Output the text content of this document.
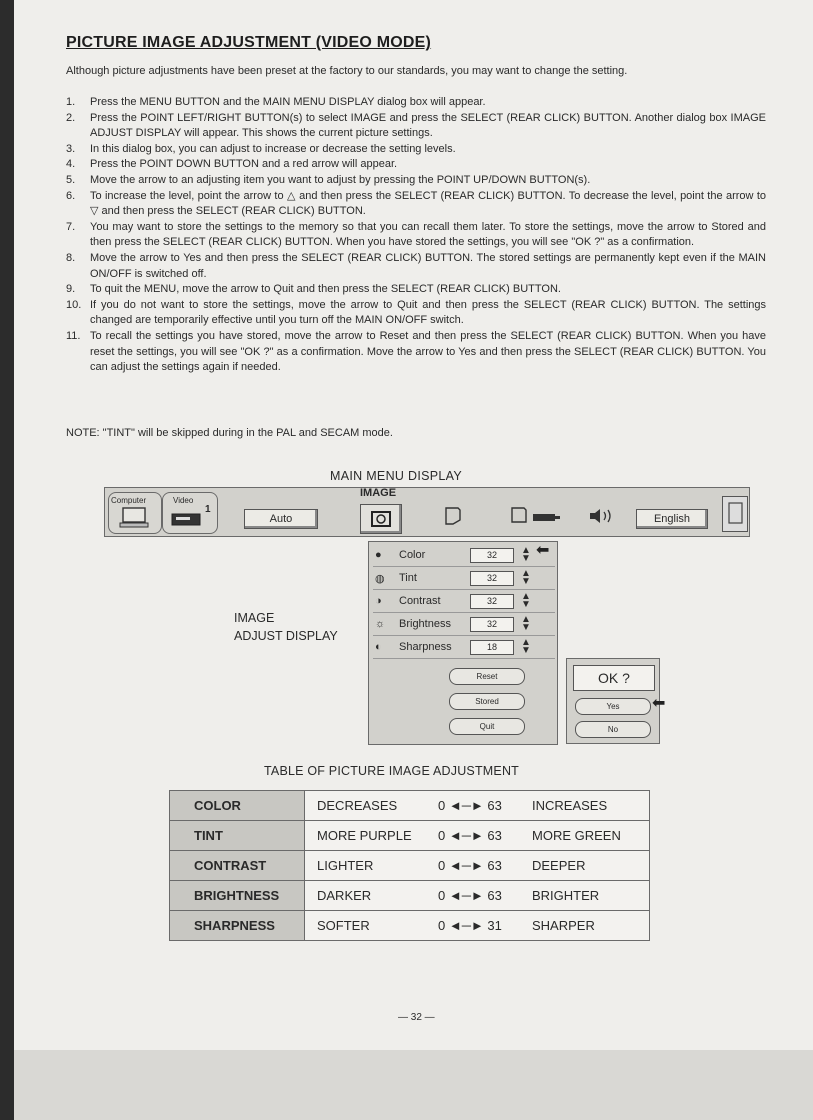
PICTURE IMAGE ADJUSTMENT (VIDEO MODE)
Although picture adjustments have been preset at the factory to our standards, you may want to change the setting.
1. Press the MENU BUTTON and the MAIN MENU DISPLAY dialog box will appear.
2. Press the POINT LEFT/RIGHT BUTTON(s) to select IMAGE and press the SELECT (REAR CLICK) BUTTON. Another dialog box IMAGE ADJUST DISPLAY will appear. This shows the current picture settings.
3. In this dialog box, you can adjust to increase or decrease the setting levels.
4. Press the POINT DOWN BUTTON and a red arrow will appear.
5. Move the arrow to an adjusting item you want to adjust by pressing the POINT UP/DOWN BUTTON(s).
6. To increase the level, point the arrow to △ and then press the SELECT (REAR CLICK) BUTTON. To decrease the level, point the arrow to ▽ and then press the SELECT (REAR CLICK) BUTTON.
7. You may want to store the settings to the memory so that you can recall them later. To store the settings, move the arrow to Stored and then press the SELECT (REAR CLICK) BUTTON. When you have stored the settings, you will see "OK ?" as a confirmation.
8. Move the arrow to Yes and then press the SELECT (REAR CLICK) BUTTON. The stored settings are permanently kept even if the MAIN ON/OFF is switched off.
9. To quit the MENU, move the arrow to Quit and then press the SELECT (REAR CLICK) BUTTON.
10. If you do not want to store the settings, move the arrow to Quit and then press the SELECT (REAR CLICK) BUTTON. The settings changed are temporarily effective until you turn off the MAIN ON/OFF switch.
11. To recall the settings you have stored, move the arrow to Reset and then press the SELECT (REAR CLICK) BUTTON. When you have reset the settings, you will see "OK ?" as a confirmation. Move the arrow to Yes and then press the SELECT (REAR CLICK) BUTTON. You can adjust the settings again if needed.
NOTE: "TINT" will be skipped during in the PAL and SECAM mode.
MAIN MENU DISPLAY
IMAGE
Computer	Video
1
Auto	English
IMAGE
ADJUST DISPLAY
● Color	32	▲
▼
◍ Tint	32	▲
▼
◑ Contrast	32	▲
▼
☼ Brightness	32	▲
▼
◐ Sharpness	18	▲
▼
Reset
Stored
Quit
⬅
OK ?
Yes
No
⬅
TABLE OF PICTURE IMAGE ADJUSTMENT
COLOR	DECREASES 0 ◄─► 63 INCREASES

TINT	MORE PURPLE 0 ◄─► 63 MORE GREEN

CONTRAST	LIGHTER 0 ◄─► 63 DEEPER

BRIGHTNESS	DARKER 0 ◄─► 63 BRIGHTER

SHARPNESS	SOFTER 0 ◄─► 31 SHARPER
— 32 —
